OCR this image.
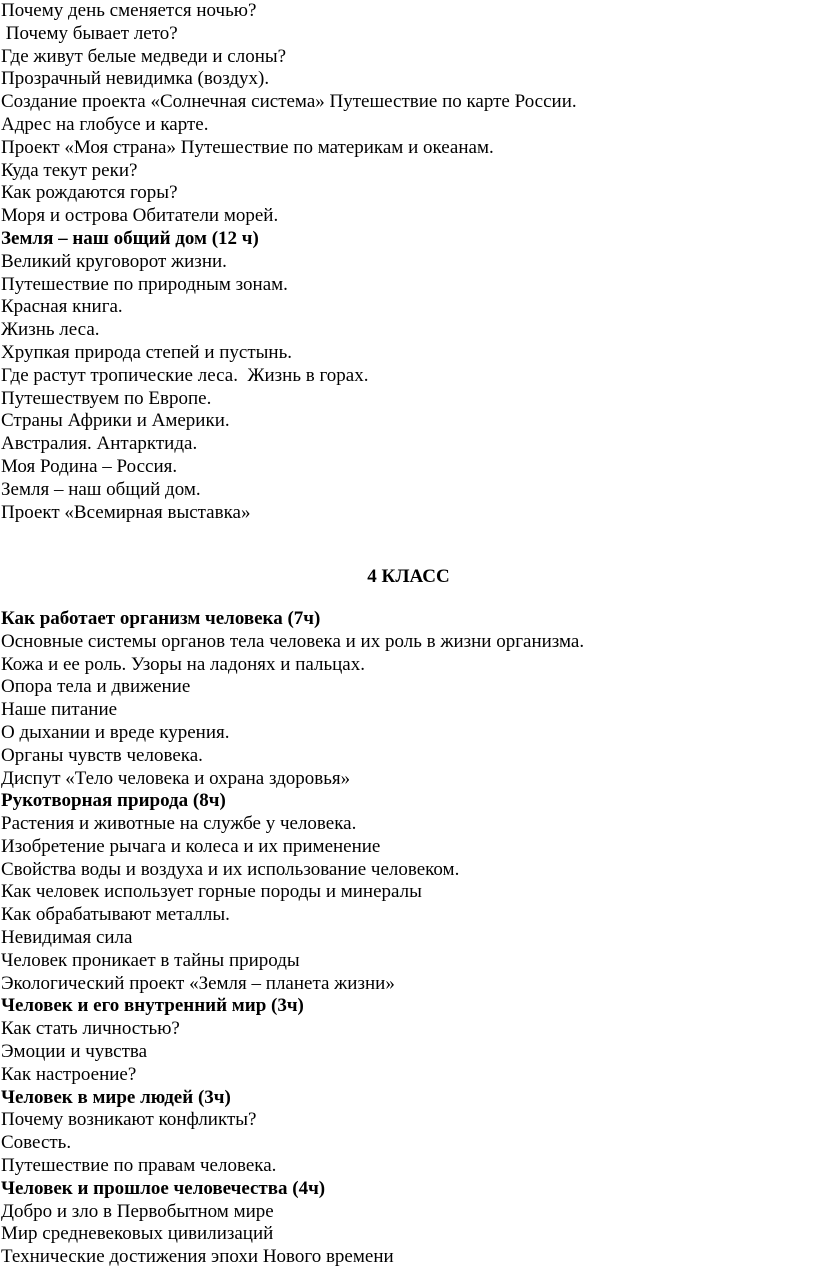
Почему день сменяется ночью?

Почему бывает лето?

Где живут белые медведи и слоны?

Прозрачный невидимка (воздух).

Создание проекта «Солнечная система» Путешествие по карте России.

Адрес на глобусе и карте.

Проект «Моя страна» Путешествие по материкам и океанам.

Куда текут реки?

Как рождаются горы?

Моря и острова Обитатели морей.

Земля – наш общий дом (12 ч)

Великий круговорот жизни.

Путешествие по природным зонам.

Красная книга.

Жизнь леса.

Хрупкая природа степей и пустынь.

Где растут тропические леса.  Жизнь в горах.

Путешествуем по Европе.

Страны Африки и Америки.

Австралия. Антарктида.

Моя Родина – Россия.

Земля – наш общий дом.

Проект «Всемирная выставка»

4 КЛАСС

Как работает организм человека (7ч)

Основные системы органов тела человека и их роль в жизни организма.

Кожа и ее роль. Узоры на ладонях и пальцах.

Опора тела и движение

Наше питание

О дыхании и вреде курения.

Органы чувств человека.

Диспут «Тело человека и охрана здоровья»

Рукотворная природа (8ч)

Растения и животные на службе у человека.

Изобретение рычага и колеса и их применение

Свойства воды и воздуха и их использование человеком.

Как человек использует горные породы и минералы

Как обрабатывают металлы.

Невидимая сила

Человек проникает в тайны природы

Экологический проект «Земля – планета жизни»

Человек и его внутренний мир (3ч)

Как стать личностью?

Эмоции и чувства

Как настроение?

Человек в мире людей (3ч)

Почему возникают конфликты?

Совесть.

Путешествие по правам человека.

Человек и прошлое человечества (4ч)

Добро и зло в Первобытном мире

Мир средневековых цивилизаций

Технические достижения эпохи Нового времени
